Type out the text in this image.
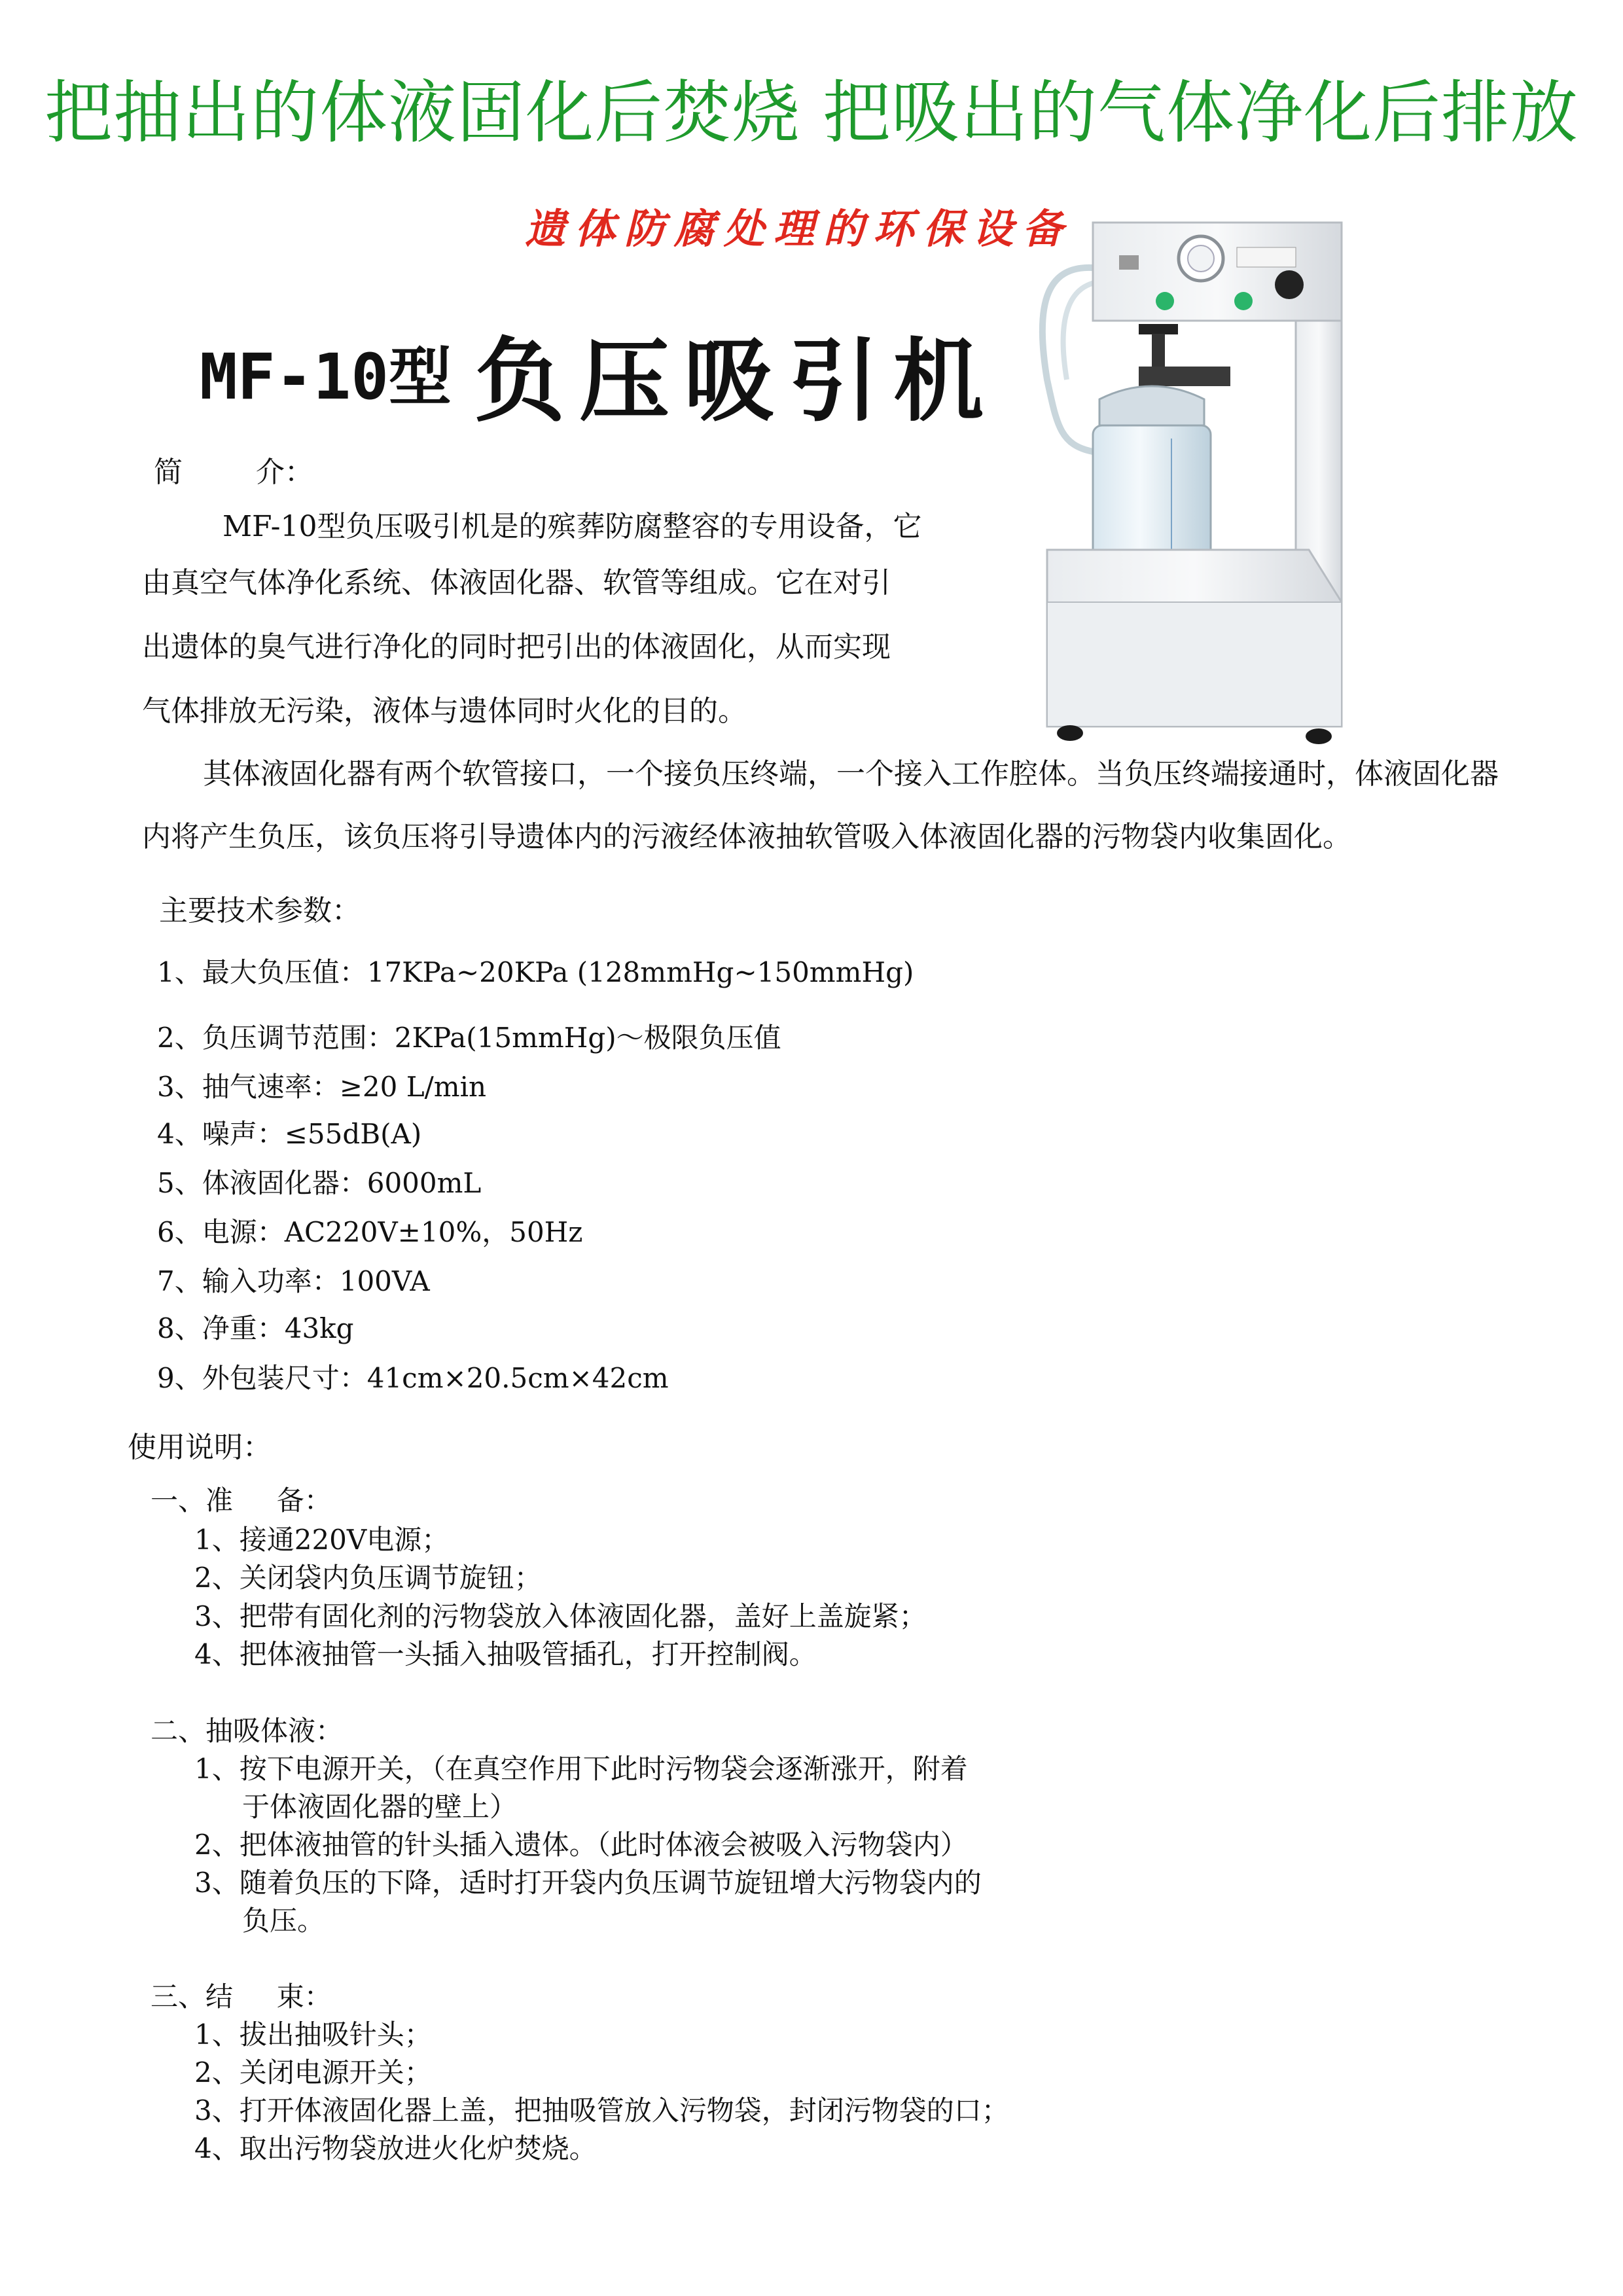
把抽出的体液固化后焚烧 把吸出的气体净化后排放
遗体防腐处理的环保设备
MF-10型 负压吸引机
简        介：
MF-10型负压吸引机是的殡葬防腐整容的专用设备，它
由真空气体净化系统、体液固化器、软管等组成。它在对引
出遗体的臭气进行净化的同时把引出的体液固化，从而实现
气体排放无污染，液体与遗体同时火化的目的。
其体液固化器有两个软管接口，一个接负压终端，一个接入工作腔体。当负压终端接通时，体液固化器
内将产生负压，该负压将引导遗体内的污液经体液抽软管吸入体液固化器的污物袋内收集固化。
主要技术参数：
1、最大负压值：17KPa~20KPa (128mmHg~150mmHg)
2、负压调节范围：2KPa(15mmHg)～极限负压值
3、抽气速率：≥20 L/min
4、噪声：≤55dB(A)
5、体液固化器：6000mL
6、电源：AC220V±10%，50Hz
7、输入功率：100VA
8、净重：43kg
9、外包装尺寸：41cm×20.5cm×42cm
使用说明：
一、准     备：
1、接通220V电源；
2、关闭袋内负压调节旋钮；
3、把带有固化剂的污物袋放入体液固化器，盖好上盖旋紧；
4、把体液抽管一头插入抽吸管插孔，打开控制阀。
二、抽吸体液：
1、按下电源开关，（在真空作用下此时污物袋会逐渐涨开，附着
于体液固化器的壁上）
2、把体液抽管的针头插入遗体。（此时体液会被吸入污物袋内）
3、随着负压的下降，适时打开袋内负压调节旋钮增大污物袋内的
负压。
三、结     束：
1、拔出抽吸针头；
2、关闭电源开关；
3、打开体液固化器上盖，把抽吸管放入污物袋，封闭污物袋的口；
4、取出污物袋放进火化炉焚烧。
